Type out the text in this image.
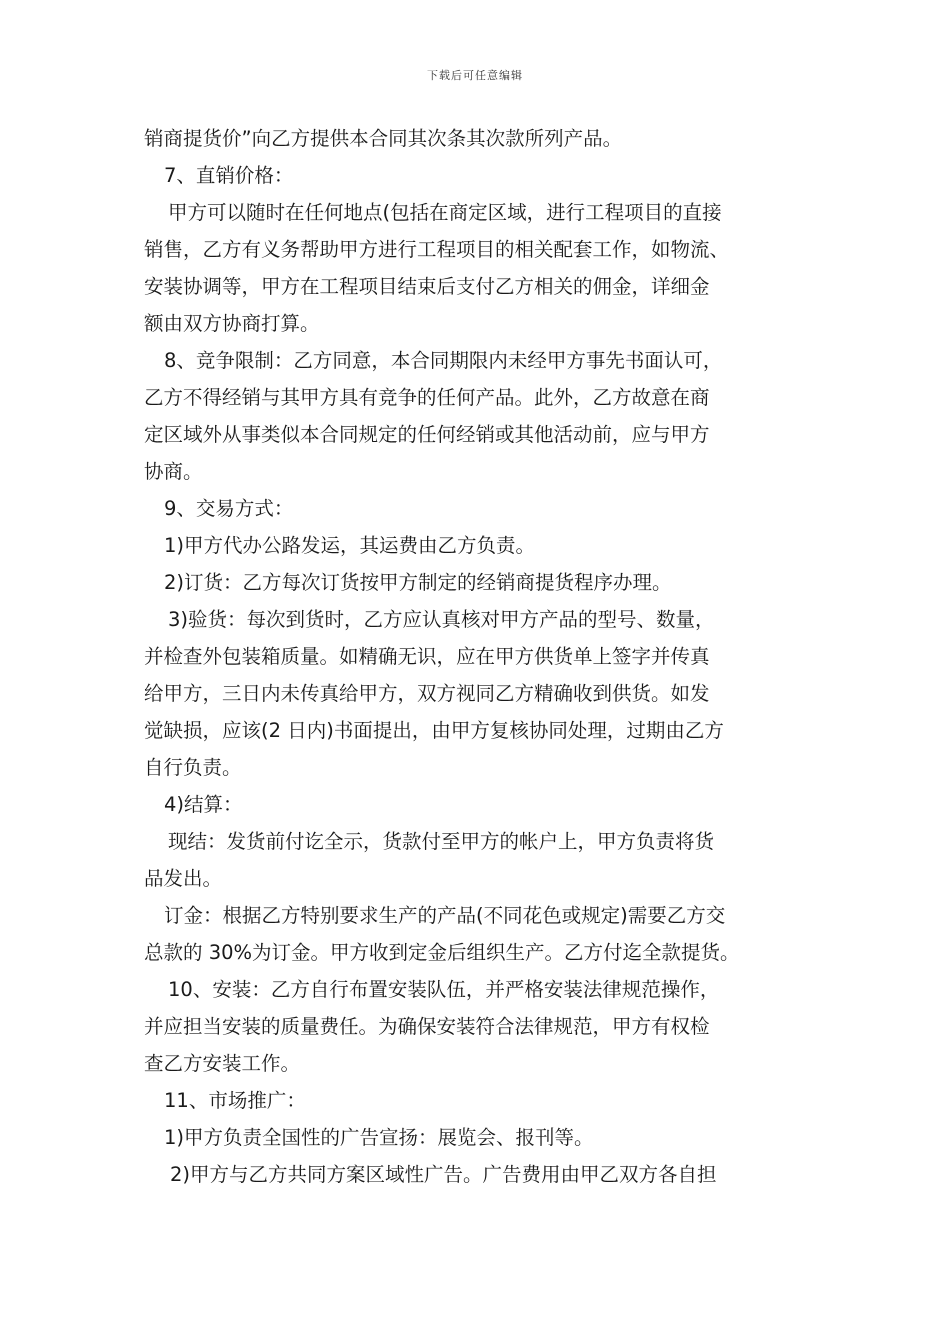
下载后可任意编辑
销商提货价”向乙方提供本合同其次条其次款所列产品。
7、直销价格：
甲方可以随时在任何地点(包括在商定区域，进行工程项目的直接
销售，乙方有义务帮助甲方进行工程项目的相关配套工作，如物流、
安装协调等，甲方在工程项目结束后支付乙方相关的佣金，详细金
额由双方协商打算。
8、竞争限制：乙方同意，本合同期限内未经甲方事先书面认可，
乙方不得经销与其甲方具有竞争的任何产品。此外，乙方故意在商
定区域外从事类似本合同规定的任何经销或其他活动前，应与甲方
协商。
9、交易方式：
1)甲方代办公路发运，其运费由乙方负责。
2)订货：乙方每次订货按甲方制定的经销商提货程序办理。
3)验货：每次到货时，乙方应认真核对甲方产品的型号、数量，
并检查外包装箱质量。如精确无识，应在甲方供货单上签字并传真
给甲方，三日内未传真给甲方，双方视同乙方精确收到供货。如发
觉缺损，应该(2 日内)书面提出，由甲方复核协同处理，过期由乙方
自行负责。
4)结算：
现结：发货前付讫全示，货款付至甲方的帐户上，甲方负责将货
品发出。
订金：根据乙方特别要求生产的产品(不同花色或规定)需要乙方交
总款的 30%为订金。甲方收到定金后组织生产。乙方付迄全款提货。
10、安装：乙方自行布置安装队伍，并严格安装法律规范操作，
并应担当安装的质量费任。为确保安装符合法律规范，甲方有权检
查乙方安装工作。
11、市场推广：
1)甲方负责全国性的广告宣扬：展览会、报刊等。
2)甲方与乙方共同方案区域性广告。广告费用由甲乙双方各自担
